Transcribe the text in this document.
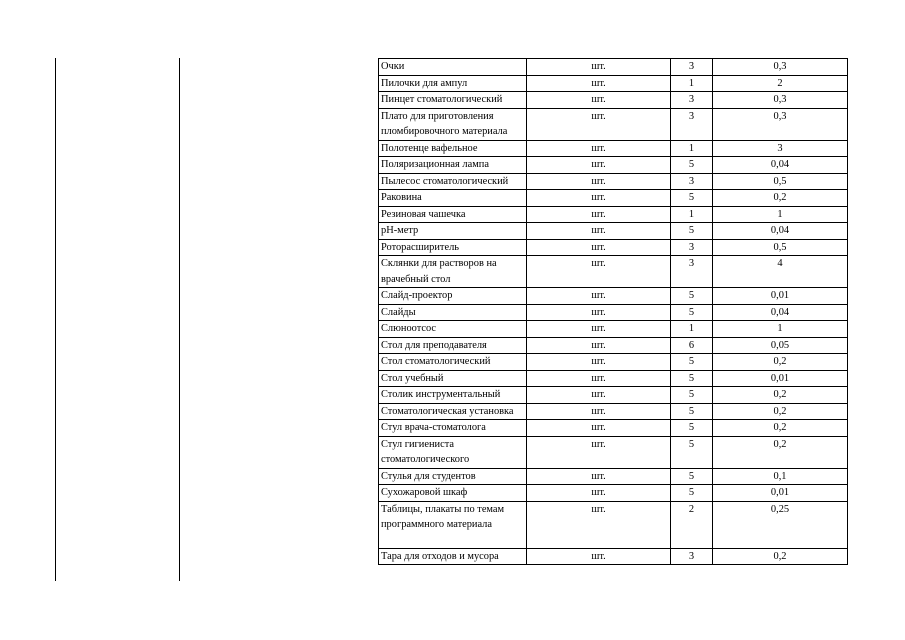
Очки	шт.	3	0,3
Пилочки для ампул	шт.	1	2
Пинцет стоматологический	шт.	3	0,3
Плато для приготовления пломбировочного материала	шт.	3	0,3
Полотенце вафельное	шт.	1	3
Поляризационная лампа	шт.	5	0,04
Пылесос стоматологический	шт.	3	0,5
Раковина	шт.	5	0,2
Резиновая чашечка	шт.	1	1
pH-метр	шт.	5	0,04
Роторасширитель	шт.	3	0,5
Склянки для растворов на врачебный стол	шт.	3	4
Слайд-проектор	шт.	5	0,01
Слайды	шт.	5	0,04
Слюноотсос	шт.	1	1
Стол для преподавателя	шт.	6	0,05
Стол стоматологический	шт.	5	0,2
Стол учебный	шт.	5	0,01
Столик инструментальный	шт.	5	0,2
Стоматологическая установка	шт.	5	0,2
Стул врача-стоматолога	шт.	5	0,2
Стул гигиениста стоматологического	шт.	5	0,2
Стулья для студентов	шт.	5	0,1
Сухожаровой шкаф	шт.	5	0,01
Таблицы, плакаты по темам программного материала	шт.	2	0,25
Тара для отходов и мусора	шт.	3	0,2
